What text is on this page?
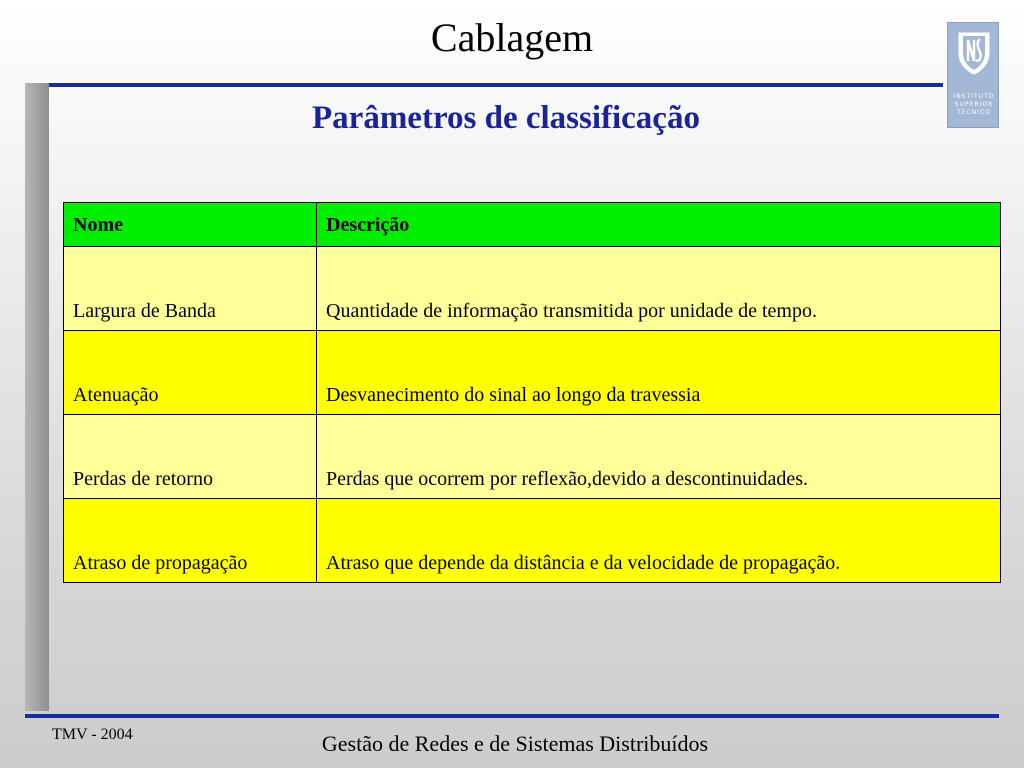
Cablagem
INSTITUTO
SUPERIOR
TÉCNICO
Parâmetros de classificação
Nome	Descrição
Largura de Banda	Quantidade de informação transmitida por unidade de tempo.
Atenuação	Desvanecimento do sinal ao longo da travessia
Perdas de retorno	Perdas que ocorrem por reflexão,devido a descontinuidades.
Atraso de propagação	Atraso que depende da distância e da velocidade de propagação.
TMV - 2004	Gestão de Redes e de Sistemas Distribuídos
